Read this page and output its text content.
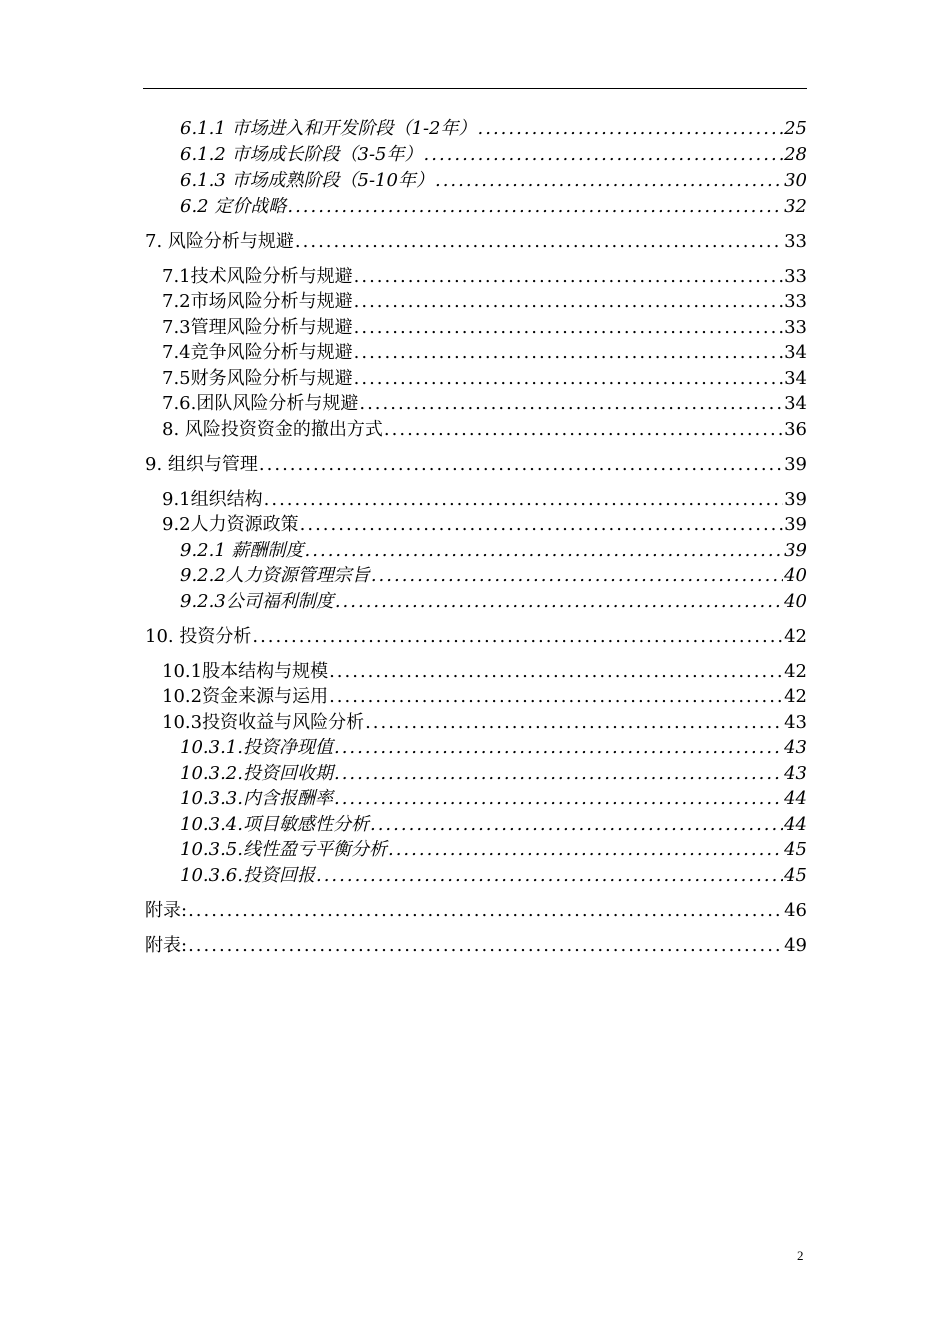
6.1.1 市场进入和开发阶段（1-2年） .....	25
6.1.2 市场成长阶段（3-5年） .....	28
6.1.3 市场成熟阶段（5-10年） .....	30
6.2 定价战略 .....	32
7. 风险分析与规避 .....	33
7.1技术风险分析与规避 .....	33
7.2市场风险分析与规避 .....	33
7.3管理风险分析与规避 .....	33
7.4竞争风险分析与规避 .....	34
7.5财务风险分析与规避 .....	34
7.6.团队风险分析与规避 .....	34
8. 风险投资资金的撤出方式 .....	36
9. 组织与管理 .....	39
9.1组织结构 .....	39
9.2人力资源政策 .....	39
9.2.1 薪酬制度 .....	39
9.2.2人力资源管理宗旨 .....	40
9.2.3公司福利制度 .....	40
10. 投资分析 .....	42
10.1股本结构与规模 .....	42
10.2资金来源与运用 .....	42
10.3投资收益与风险分析 .....	43
10.3.1.投资净现值 .....	43
10.3.2.投资回收期 .....	43
10.3.3.内含报酬率 .....	44
10.3.4.项目敏感性分析 .....	44
10.3.5.线性盈亏平衡分析 .....	45
10.3.6.投资回报 .....	45
附录: .....	46
附表: .....	49
2
